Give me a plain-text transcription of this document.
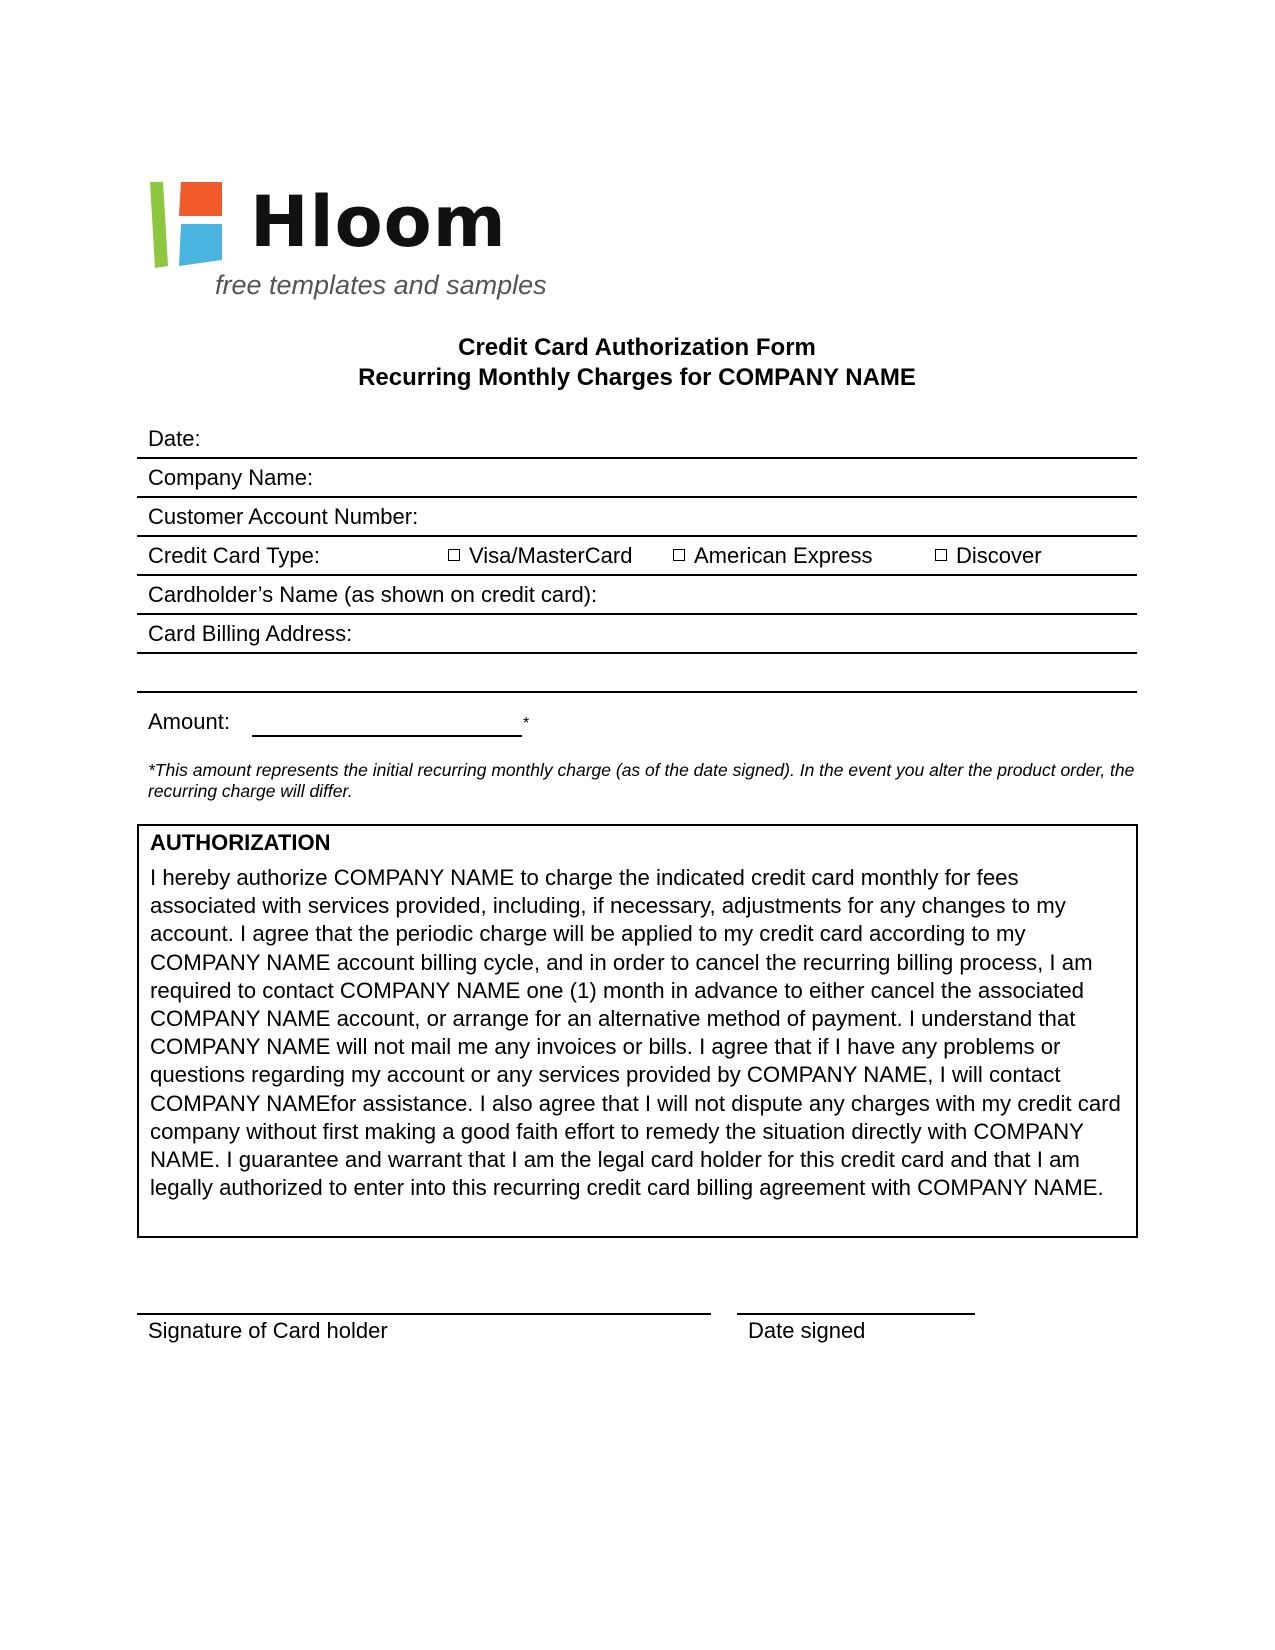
Hloom
free templates and samples
Credit Card Authorization Form
Recurring Monthly Charges for COMPANY NAME
Date:
Company Name:
Customer Account Number:
Credit Card Type:	Visa/MasterCard	American Express	Discover
Cardholder’s Name (as shown on credit card):
Card Billing Address:
Amount:	*
*This amount represents the initial recurring monthly charge (as of the date signed). In the event you alter the product order, the recurring charge will differ.
AUTHORIZATION
I hereby authorize COMPANY NAME to charge the indicated credit card monthly for fees associated with services provided, including, if necessary, adjustments for any changes to my account. I agree that the periodic charge will be applied to my credit card according to my COMPANY NAME account billing cycle, and in order to cancel the recurring billing process, I am required to contact COMPANY NAME one (1) month in advance to either cancel the associated COMPANY NAME account, or arrange for an alternative method of payment. I understand that COMPANY NAME will not mail me any invoices or bills. I agree that if I have any problems or questions regarding my account or any services provided by COMPANY NAME, I will contact COMPANY NAMEfor assistance. I also agree that I will not dispute any charges with my credit card company without first making a good faith effort to remedy the situation directly with COMPANY NAME. I guarantee and warrant that I am the legal card holder for this credit card and that I am legally authorized to enter into this recurring credit card billing agreement with COMPANY NAME.
Signature of Card holder	Date signed
